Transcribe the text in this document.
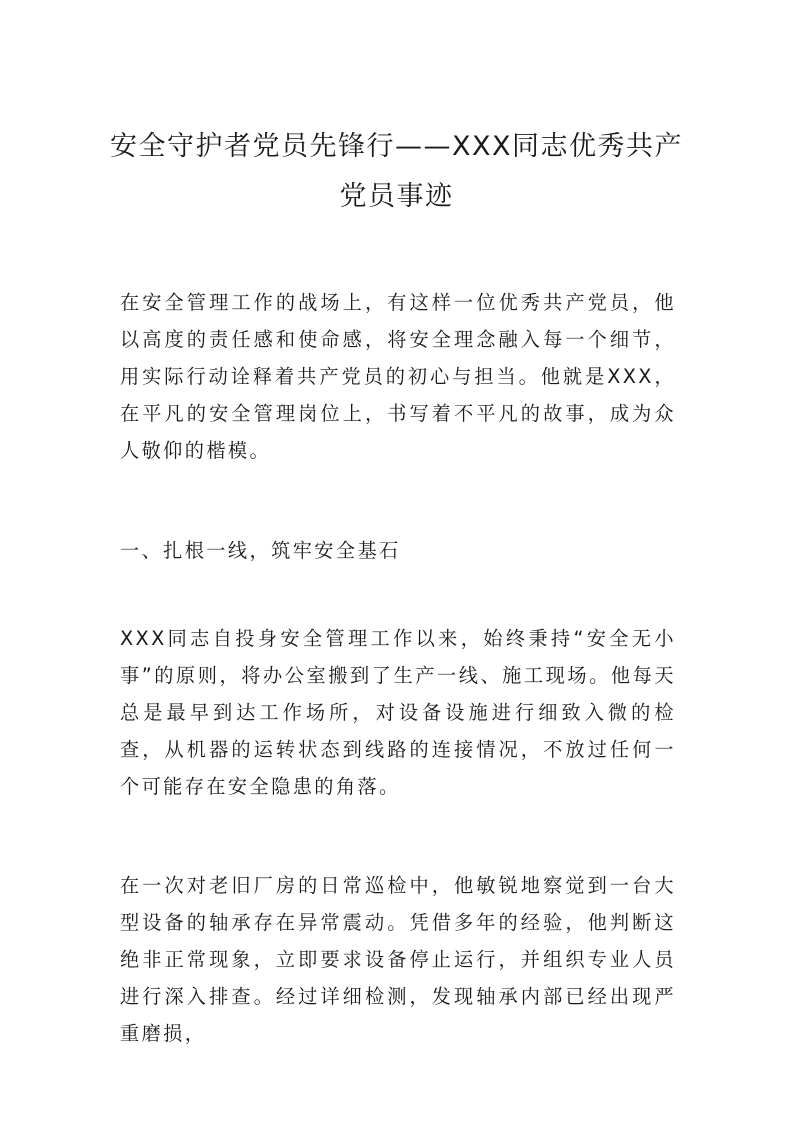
安全守护者党员先锋行——XXX同志优秀共产党员事迹

在安全管理工作的战场上，有这样一位优秀共产党员，他以高度的责任感和使命感，将安全理念融入每一个细节，用实际行动诠释着共产党员的初心与担当。他就是XXX，在平凡的安全管理岗位上，书写着不平凡的故事，成为众人敬仰的楷模。

一、扎根一线，筑牢安全基石

XXX同志自投身安全管理工作以来，始终秉持“安全无小事”的原则，将办公室搬到了生产一线、施工现场。他每天总是最早到达工作场所，对设备设施进行细致入微的检查，从机器的运转状态到线路的连接情况，不放过任何一个可能存在安全隐患的角落。

在一次对老旧厂房的日常巡检中，他敏锐地察觉到一台大型设备的轴承存在异常震动。凭借多年的经验，他判断这绝非正常现象，立即要求设备停止运行，并组织专业人员进行深入排查。经过详细检测，发现轴承内部已经出现严重磨损，
